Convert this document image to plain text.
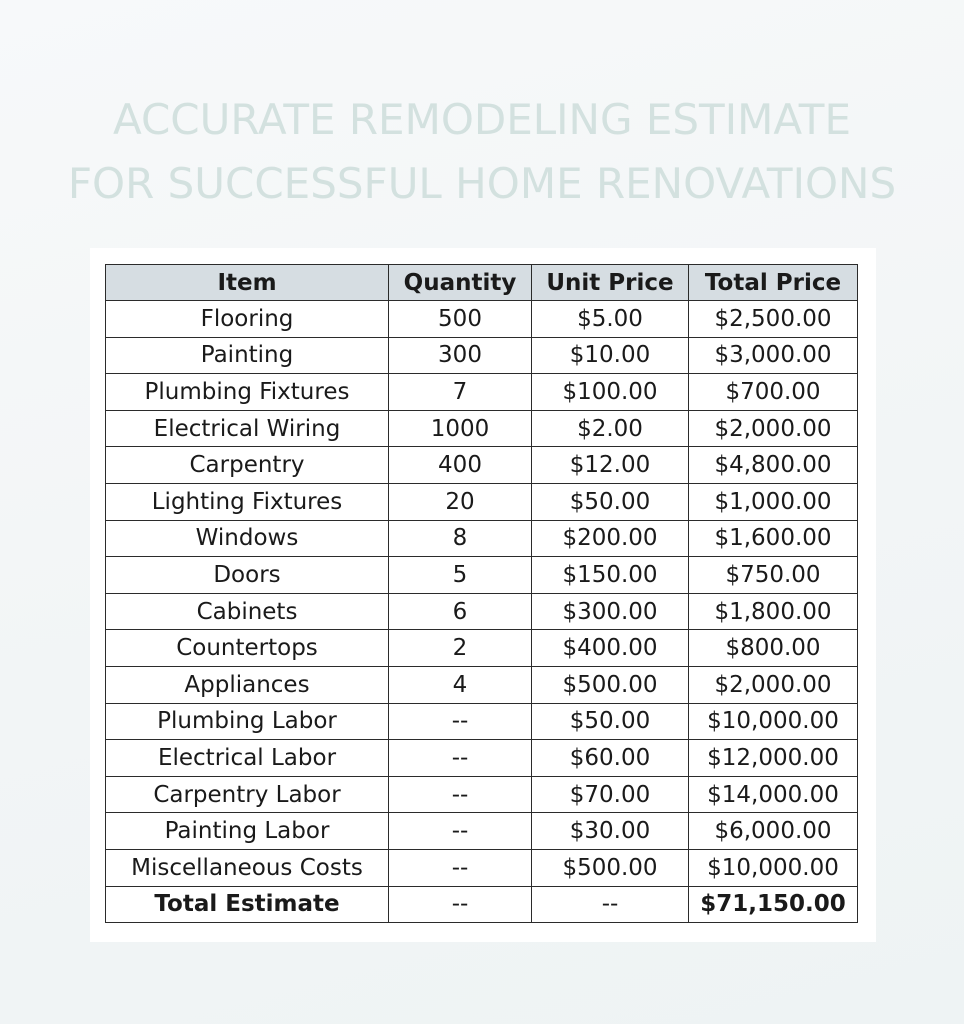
ACCURATE REMODELING ESTIMATE
FOR SUCCESSFUL HOME RENOVATIONS
Item	Quantity	Unit Price	Total Price
Flooring	500	$5.00	$2,500.00
Painting	300	$10.00	$3,000.00
Plumbing Fixtures	7	$100.00	$700.00
Electrical Wiring	1000	$2.00	$2,000.00
Carpentry	400	$12.00	$4,800.00
Lighting Fixtures	20	$50.00	$1,000.00
Windows	8	$200.00	$1,600.00
Doors	5	$150.00	$750.00
Cabinets	6	$300.00	$1,800.00
Countertops	2	$400.00	$800.00
Appliances	4	$500.00	$2,000.00
Plumbing Labor	--	$50.00	$10,000.00
Electrical Labor	--	$60.00	$12,000.00
Carpentry Labor	--	$70.00	$14,000.00
Painting Labor	--	$30.00	$6,000.00
Miscellaneous Costs	--	$500.00	$10,000.00
Total Estimate	--	--	$71,150.00
